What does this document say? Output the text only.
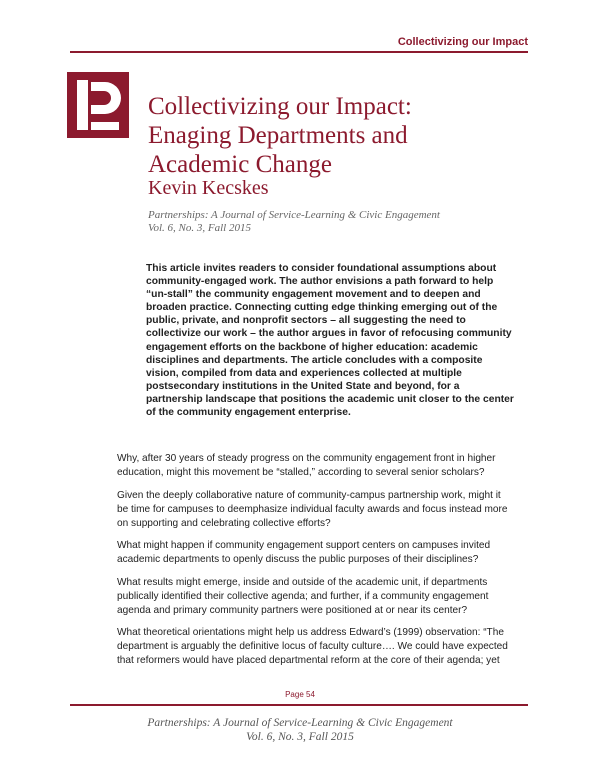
Collectivizing our Impact
Collectivizing our Impact:
Enaging Departments and
Academic Change
Kevin Kecskes
Partnerships: A Journal of Service-Learning & Civic Engagement
Vol. 6, No. 3, Fall 2015
This article invites readers to consider foundational assumptions about
community-engaged work. The author envisions a path forward to help
“un-stall” the community engagement movement and to deepen and
broaden practice. Connecting cutting edge thinking emerging out of the
public, private, and nonprofit sectors – all suggesting the need to
collectivize our work – the author argues in favor of refocusing community
engagement efforts on the backbone of higher education: academic
disciplines and departments. The article concludes with a composite
vision, compiled from data and experiences collected at multiple
postsecondary institutions in the United State and beyond, for a
partnership landscape that positions the academic unit closer to the center
of the community engagement enterprise.

Why, after 30 years of steady progress on the community engagement front in higher
education, might this movement be “stalled,” according to several senior scholars?

Given the deeply collaborative nature of community-campus partnership work, might it
be time for campuses to deemphasize individual faculty awards and focus instead more
on supporting and celebrating collective efforts?

What might happen if community engagement support centers on campuses invited
academic departments to openly discuss the public purposes of their disciplines?

What results might emerge, inside and outside of the academic unit, if departments
publically identified their collective agenda; and further, if a community engagement
agenda and primary community partners were positioned at or near its center?

What theoretical orientations might help us address Edward’s (1999) observation: “The
department is arguably the definitive locus of faculty culture…. We could have expected
that reformers would have placed departmental reform at the core of their agenda; yet

Page 54
Partnerships: A Journal of Service-Learning & Civic Engagement
Vol. 6, No. 3, Fall 2015
